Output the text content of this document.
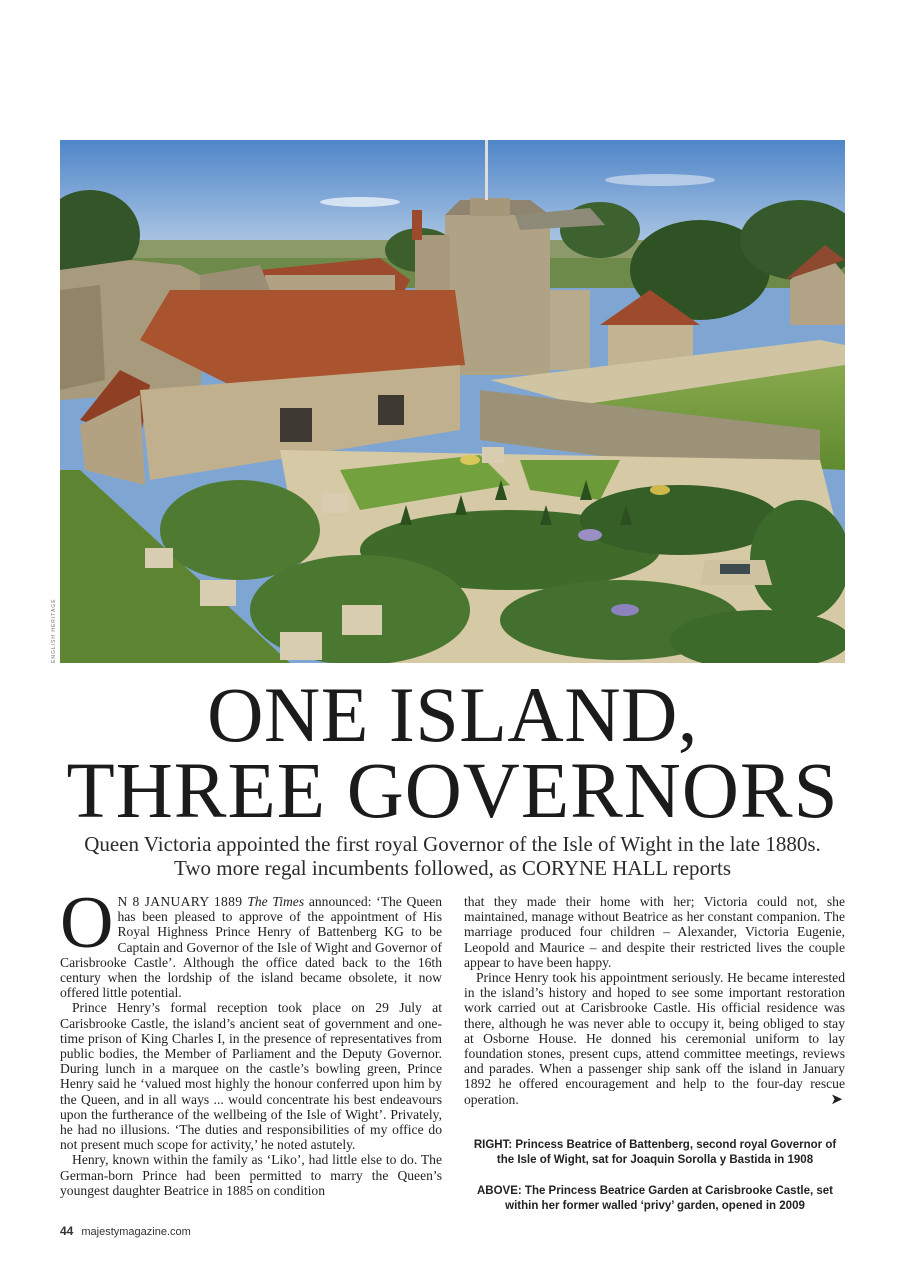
ENGLISH HERITAGE
ONE ISLAND,
THREE GOVERNORS
Queen Victoria appointed the first royal Governor of the Isle of Wight in the late 1880s.
Two more regal incumbents followed, as CORYNE HALL reports

O N 8 JANUARY 1889 The Times announced: ‘The Queen has been pleased to approve of the appointment of His Royal Highness Prince Henry of Battenberg KG to be Captain and Governor of the Isle of Wight and Governor of Carisbrooke Castle’. Although the office dated back to the 16th century when the lordship of the island became obsolete, it now offered little potential.

Prince Henry’s formal reception took place on 29 July at Carisbrooke Castle, the island’s ancient seat of government and one-time prison of King Charles I, in the presence of representatives from public bodies, the Member of Parliament and the Deputy Governor. During lunch in a marquee on the castle’s bowling green, Prince Henry said he ‘valued most highly the honour conferred upon him by the Queen, and in all ways ... would concentrate his best endeavours upon the furtherance of the wellbeing of the Isle of Wight’. Privately, he had no illusions. ‘The duties and responsibilities of my office do not present much scope for activity,’ he noted astutely.

Henry, known within the family as ‘Liko’, had little else to do. The German-born Prince had been permitted to marry the Queen’s youngest daughter Beatrice in 1885 on condition

that they made their home with her; Victoria could not, she maintained, manage without Beatrice as her constant companion. The marriage produced four children – Alexander, Victoria Eugenie, Leopold and Maurice – and despite their restricted lives the couple appear to have been happy.

Prince Henry took his appointment seriously. He became interested in the island’s history and hoped to see some important restoration work carried out at Carisbrooke Castle. His official residence was there, although he was never able to occupy it, being obliged to stay at Osborne House. He donned his ceremonial uniform to lay foundation stones, present cups, attend committee meetings, reviews and parades. When a passenger ship sank off the island in January 1892 he offered encouragement and help to the four-day rescue operation.	➤

RIGHT: Princess Beatrice of Battenberg, second royal Governor of the Isle of Wight, sat for Joaquin Sorolla y Bastida in 1908
ABOVE: The Princess Beatrice Garden at Carisbrooke Castle, set within her former walled ‘privy’ garden, opened in 2009
44 majestymagazine.com
